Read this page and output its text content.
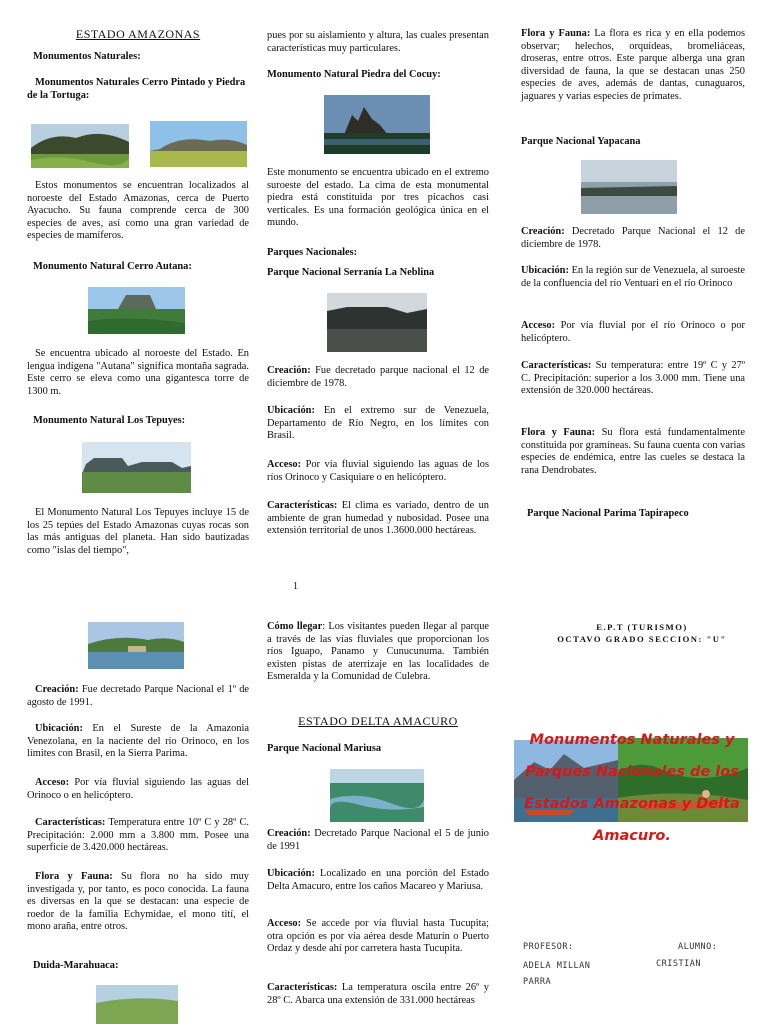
ESTADO AMAZONAS
Monumentos Naturales:
Monumentos Naturales Cerro Pintado y Piedra de la Tortuga:
Estos monumentos se encuentran localizados al noroeste del Estado Amazonas, cerca de Puerto Ayacucho. Su fauna comprende cerca de 300 especies de aves, así como una gran variedad de especies de mamíferos.
Monumento Natural Cerro Autana:
Se encuentra ubicado al noroeste del Estado. En lengua indígena "Autana" significa montaña sagrada. Este cerro se eleva como una gigantesca torre de 1300 m.
Monumento Natural Los Tepuyes:
El Monumento Natural Los Tepuyes incluye 15 de los 25 tepúes del Estado Amazonas cuyas rocas son las más antiguas del planeta. Han sido bautizadas como "islas del tiempo",
pues por su aislamiento y altura, las cuales presentan características muy particulares.
Monumento Natural Piedra del Cocuy:
Este monumento se encuentra ubicado en el extremo suroeste del estado. La cima de esta monumental piedra está constituida por tres picachos casi verticales. Es una formación geológica única en el mundo.
Parques Nacionales:
Parque Nacional Serranía La Neblina
Creación: Fue decretado parque nacional el 12 de diciembre de 1978.
Ubicación: En el extremo sur de Venezuela, Departamento de Río Negro, en los límites con Brasil.
Acceso: Por vía fluvial siguiendo las aguas de los ríos Orinoco y Casiquiare o en helicóptero.
Características: El clima es variado, dentro de un ambiente de gran humedad y nubosidad. Posee una extensión territorial de unos 1.3600.000 hectáreas.
Flora y Fauna: La flora es rica y en ella podemos observar; helechos, orquídeas, bromeliáceas, droseras, entre otros. Este parque alberga una gran diversidad de fauna, la que se destacan unas 250 especies de aves, además de dantas, cunaguaros, jaguares y varias especies de primates.
Parque Nacional Yapacana
Creación: Decretado Parque Nacional el 12 de diciembre de 1978.
Ubicación: En la región sur de Venezuela, al suroeste de la confluencia del río Ventuari en el río Orinoco
Acceso: Por vía fluvial por el río Orinoco o por helicóptero.
Características: Su temperatura: entre 19º C y 27º C. Precipitación: superior a los 3.000 mm. Tiene una extensión de 320.000 hectáreas.
Flora y Fauna: Su flora está fundamentalmente constituida por gramíneas. Su fauna cuenta con varias especies de endémica, entre las cueles se destaca la rana Dendrobates.
Parque Nacional Parima Tapirapeco
1
Creación: Fue decretado Parque Nacional el 1º de agosto de 1991.
Ubicación: En el Sureste de la Amazonia Venezolana, en la naciente del río Orinoco, en los límites con Brasil, en la Sierra Parima.
Acceso: Por vía fluvial siguiendo las aguas del Orinoco o en helicóptero.
Características: Temperatura entre 10º C y 28º C. Precipitación: 2.000 mm a 3.800 mm. Posee una superficie de 3.420.000 hectáreas.
Flora y Fauna: Su flora no ha sido muy investigada y, por tanto, es poco conocida. La fauna es diversas en la que se destacan: una especie de roedor de la familia Echymidae, el mono tití, el mono araña, entre otros.
Duida-Marahuaca:
Cómo llegar: Los visitantes pueden llegar al parque a través de las vías fluviales que proporcionan los ríos Iguapo, Panamo y Cunucunuma. También existen pistas de aterrizaje en las localidades de Esmeralda y la Comunidad de Culebra.
ESTADO DELTA AMACURO
Parque Nacional Mariusa
Creación: Decretado Parque Nacional el 5 de junio de 1991
Ubicación: Localizado en una porción del Estado Delta Amacuro, entre los caños Macareo y Mariusa.
Acceso: Se accede por vía fluvial hasta Tucupita; otra opción es por vía aérea desde Maturín o Puerto Ordaz y desde ahí por carretera hasta Tucupita.
Características: La temperatura oscila entre 26º y 28º C. Abarca una extensión de 331.000 hectáreas
E.P.T (TURISMO)
OCTAVO GRADO SECCION: "U"
Monumentos Naturales y Parques Nacionales de los Estados Amazonas y Delta Amacuro.
PROFESOR:	ALUMNO:
ADELA MILLAN PARRA
CRISTIAN
